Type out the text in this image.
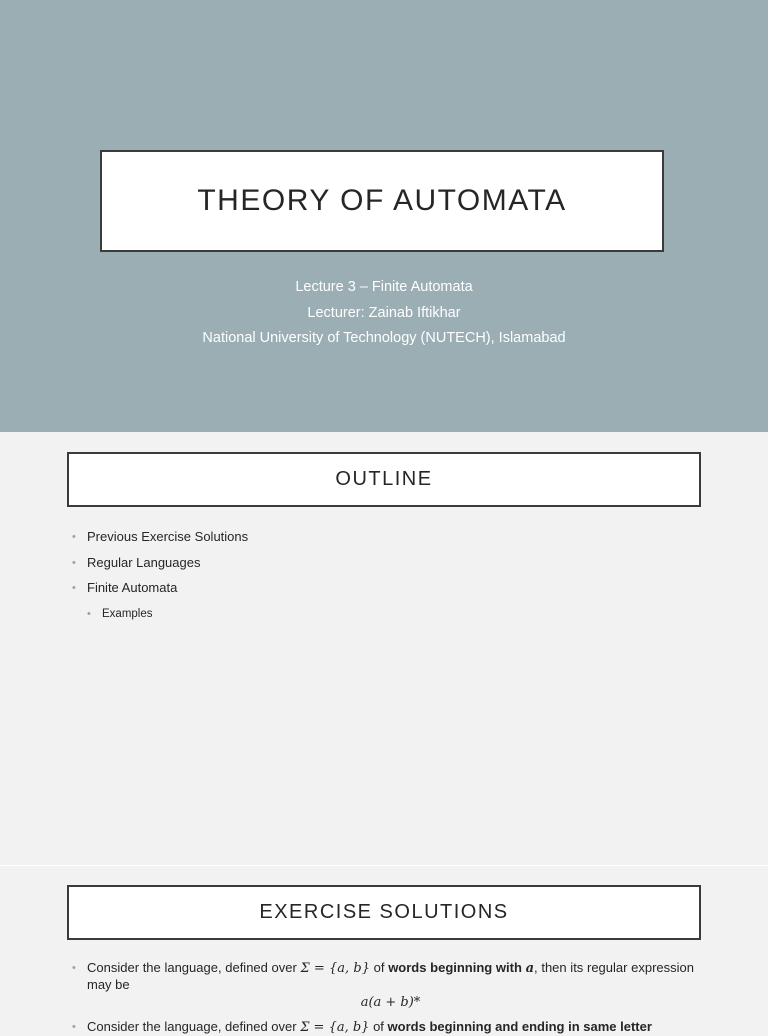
THEORY OF AUTOMATA
Lecture 3 – Finite Automata
Lecturer: Zainab Iftikhar
National University of Technology (NUTECH), Islamabad
OUTLINE
• Previous Exercise Solutions
• Regular Languages
• Finite Automata
• Examples
EXERCISE SOLUTIONS
• Consider the language, defined over Σ = {a, b} of words beginning with a, then its regular expression may be
a(a + b)*
• Consider the language, defined over Σ = {a, b} of words beginning and ending in same letter
